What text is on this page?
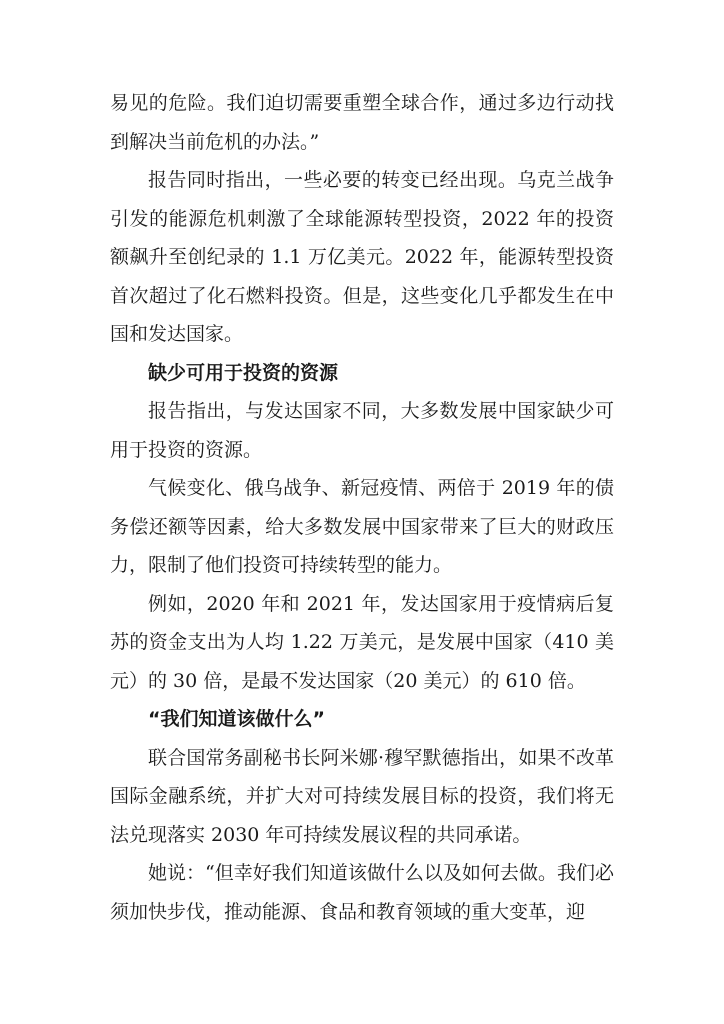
易见的危险。我们迫切需要重塑全球合作，通过多边行动找到解决当前危机的办法。”

报告同时指出，一些必要的转变已经出现。乌克兰战争引发的能源危机刺激了全球能源转型投资，2022 年的投资额飙升至创纪录的 1.1 万亿美元。2022 年，能源转型投资首次超过了化石燃料投资。但是，这些变化几乎都发生在中国和发达国家。

缺少可用于投资的资源

报告指出，与发达国家不同，大多数发展中国家缺少可用于投资的资源。

气候变化、俄乌战争、新冠疫情、两倍于 2019 年的债务偿还额等因素，给大多数发展中国家带来了巨大的财政压力，限制了他们投资可持续转型的能力。

例如，2020 年和 2021 年，发达国家用于疫情病后复苏的资金支出为人均 1.22 万美元，是发展中国家（410 美元）的 30 倍，是最不发达国家（20 美元）的 610 倍。

“我们知道该做什么”

联合国常务副秘书长阿米娜·穆罕默德指出，如果不改革国际金融系统，并扩大对可持续发展目标的投资，我们将无法兑现落实 2030 年可持续发展议程的共同承诺。

她说：“但幸好我们知道该做什么以及如何去做。我们必须加快步伐，推动能源、食品和教育领域的重大变革，迎
